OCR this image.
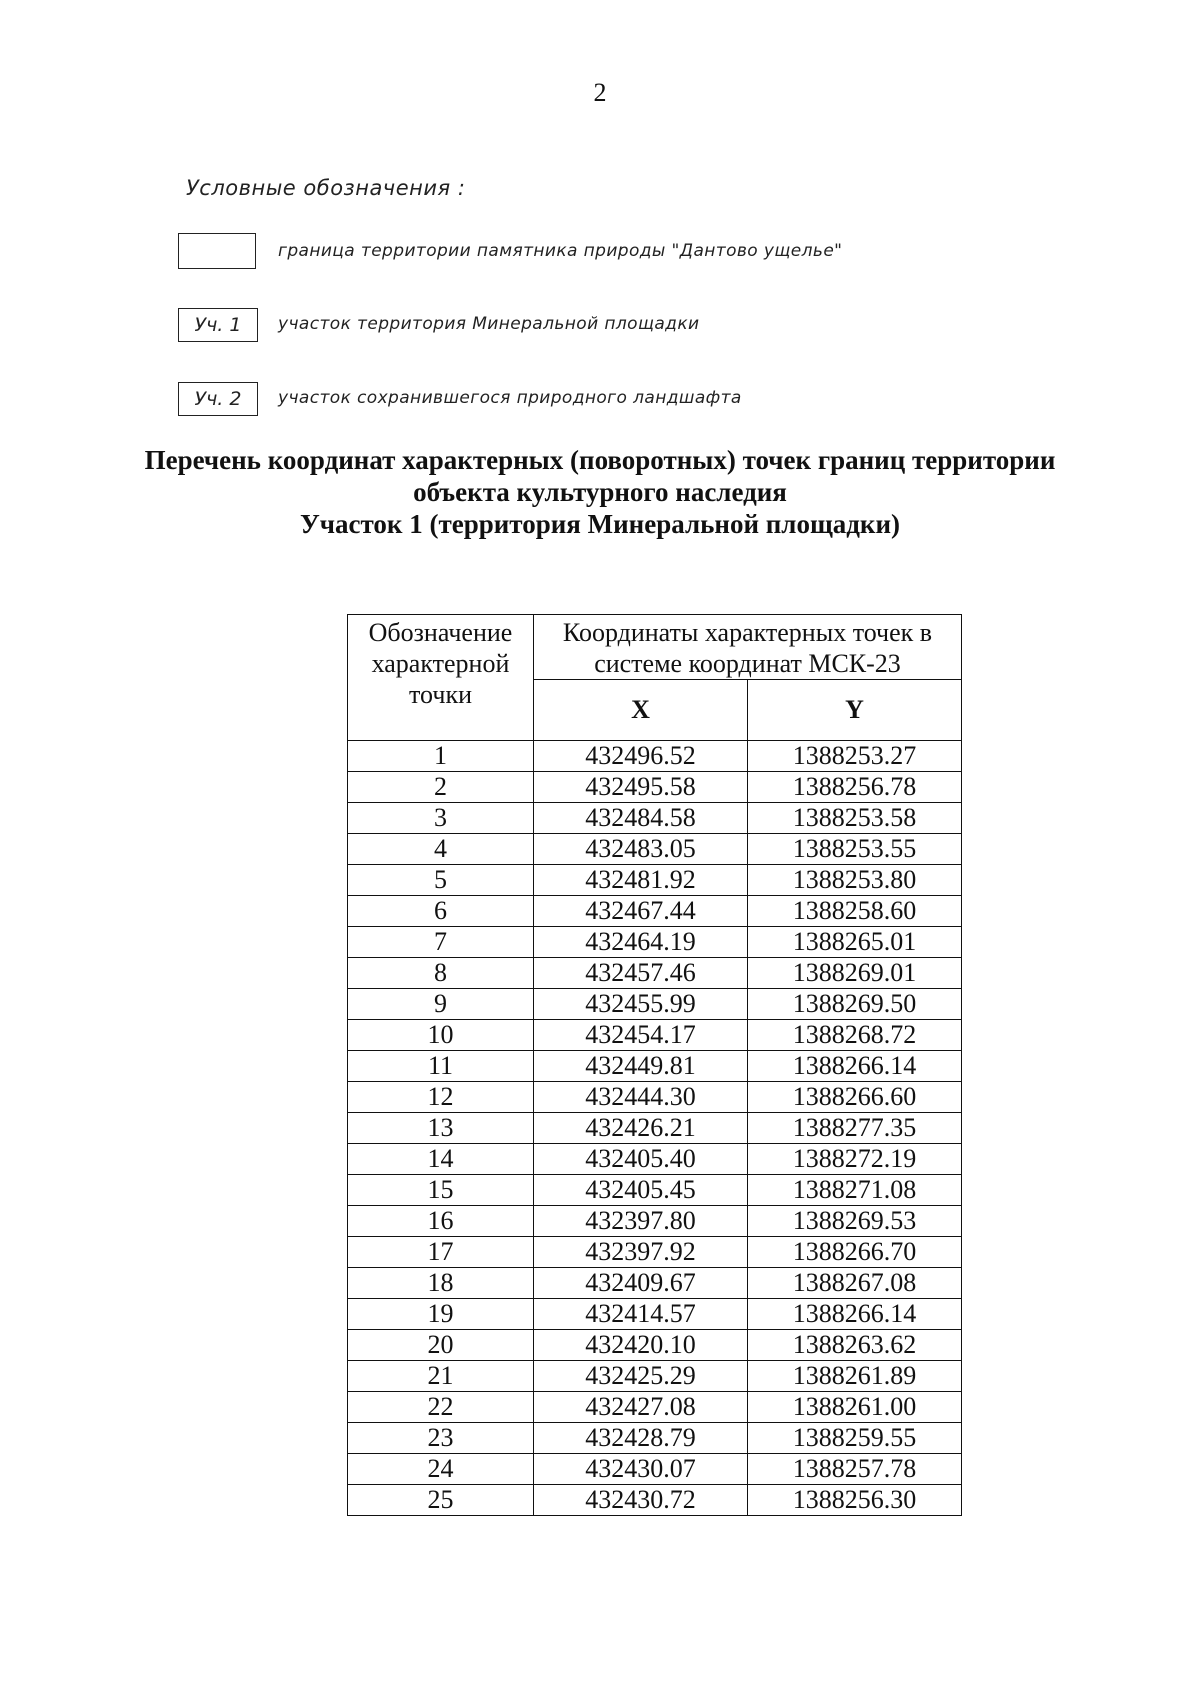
2
Условные обозначения :
граница территории памятника природы "Дантово ущелье"
Уч. 1	участок территория Минеральной площадки
Уч. 2	участок сохранившегося природного ландшафта
Перечень координат характерных (поворотных) точек границ территории
объекта культурного наследия
Участок 1 (территория Минеральной площадки)
Обозначение характерной точки	Координаты характерных точек в системе координат МСК-23	
	X	Y
1	432496.52	1388253.27
2	432495.58	1388256.78
3	432484.58	1388253.58
4	432483.05	1388253.55
5	432481.92	1388253.80
6	432467.44	1388258.60
7	432464.19	1388265.01
8	432457.46	1388269.01
9	432455.99	1388269.50
10	432454.17	1388268.72
11	432449.81	1388266.14
12	432444.30	1388266.60
13	432426.21	1388277.35
14	432405.40	1388272.19
15	432405.45	1388271.08
16	432397.80	1388269.53
17	432397.92	1388266.70
18	432409.67	1388267.08
19	432414.57	1388266.14
20	432420.10	1388263.62
21	432425.29	1388261.89
22	432427.08	1388261.00
23	432428.79	1388259.55
24	432430.07	1388257.78
25	432430.72	1388256.30
